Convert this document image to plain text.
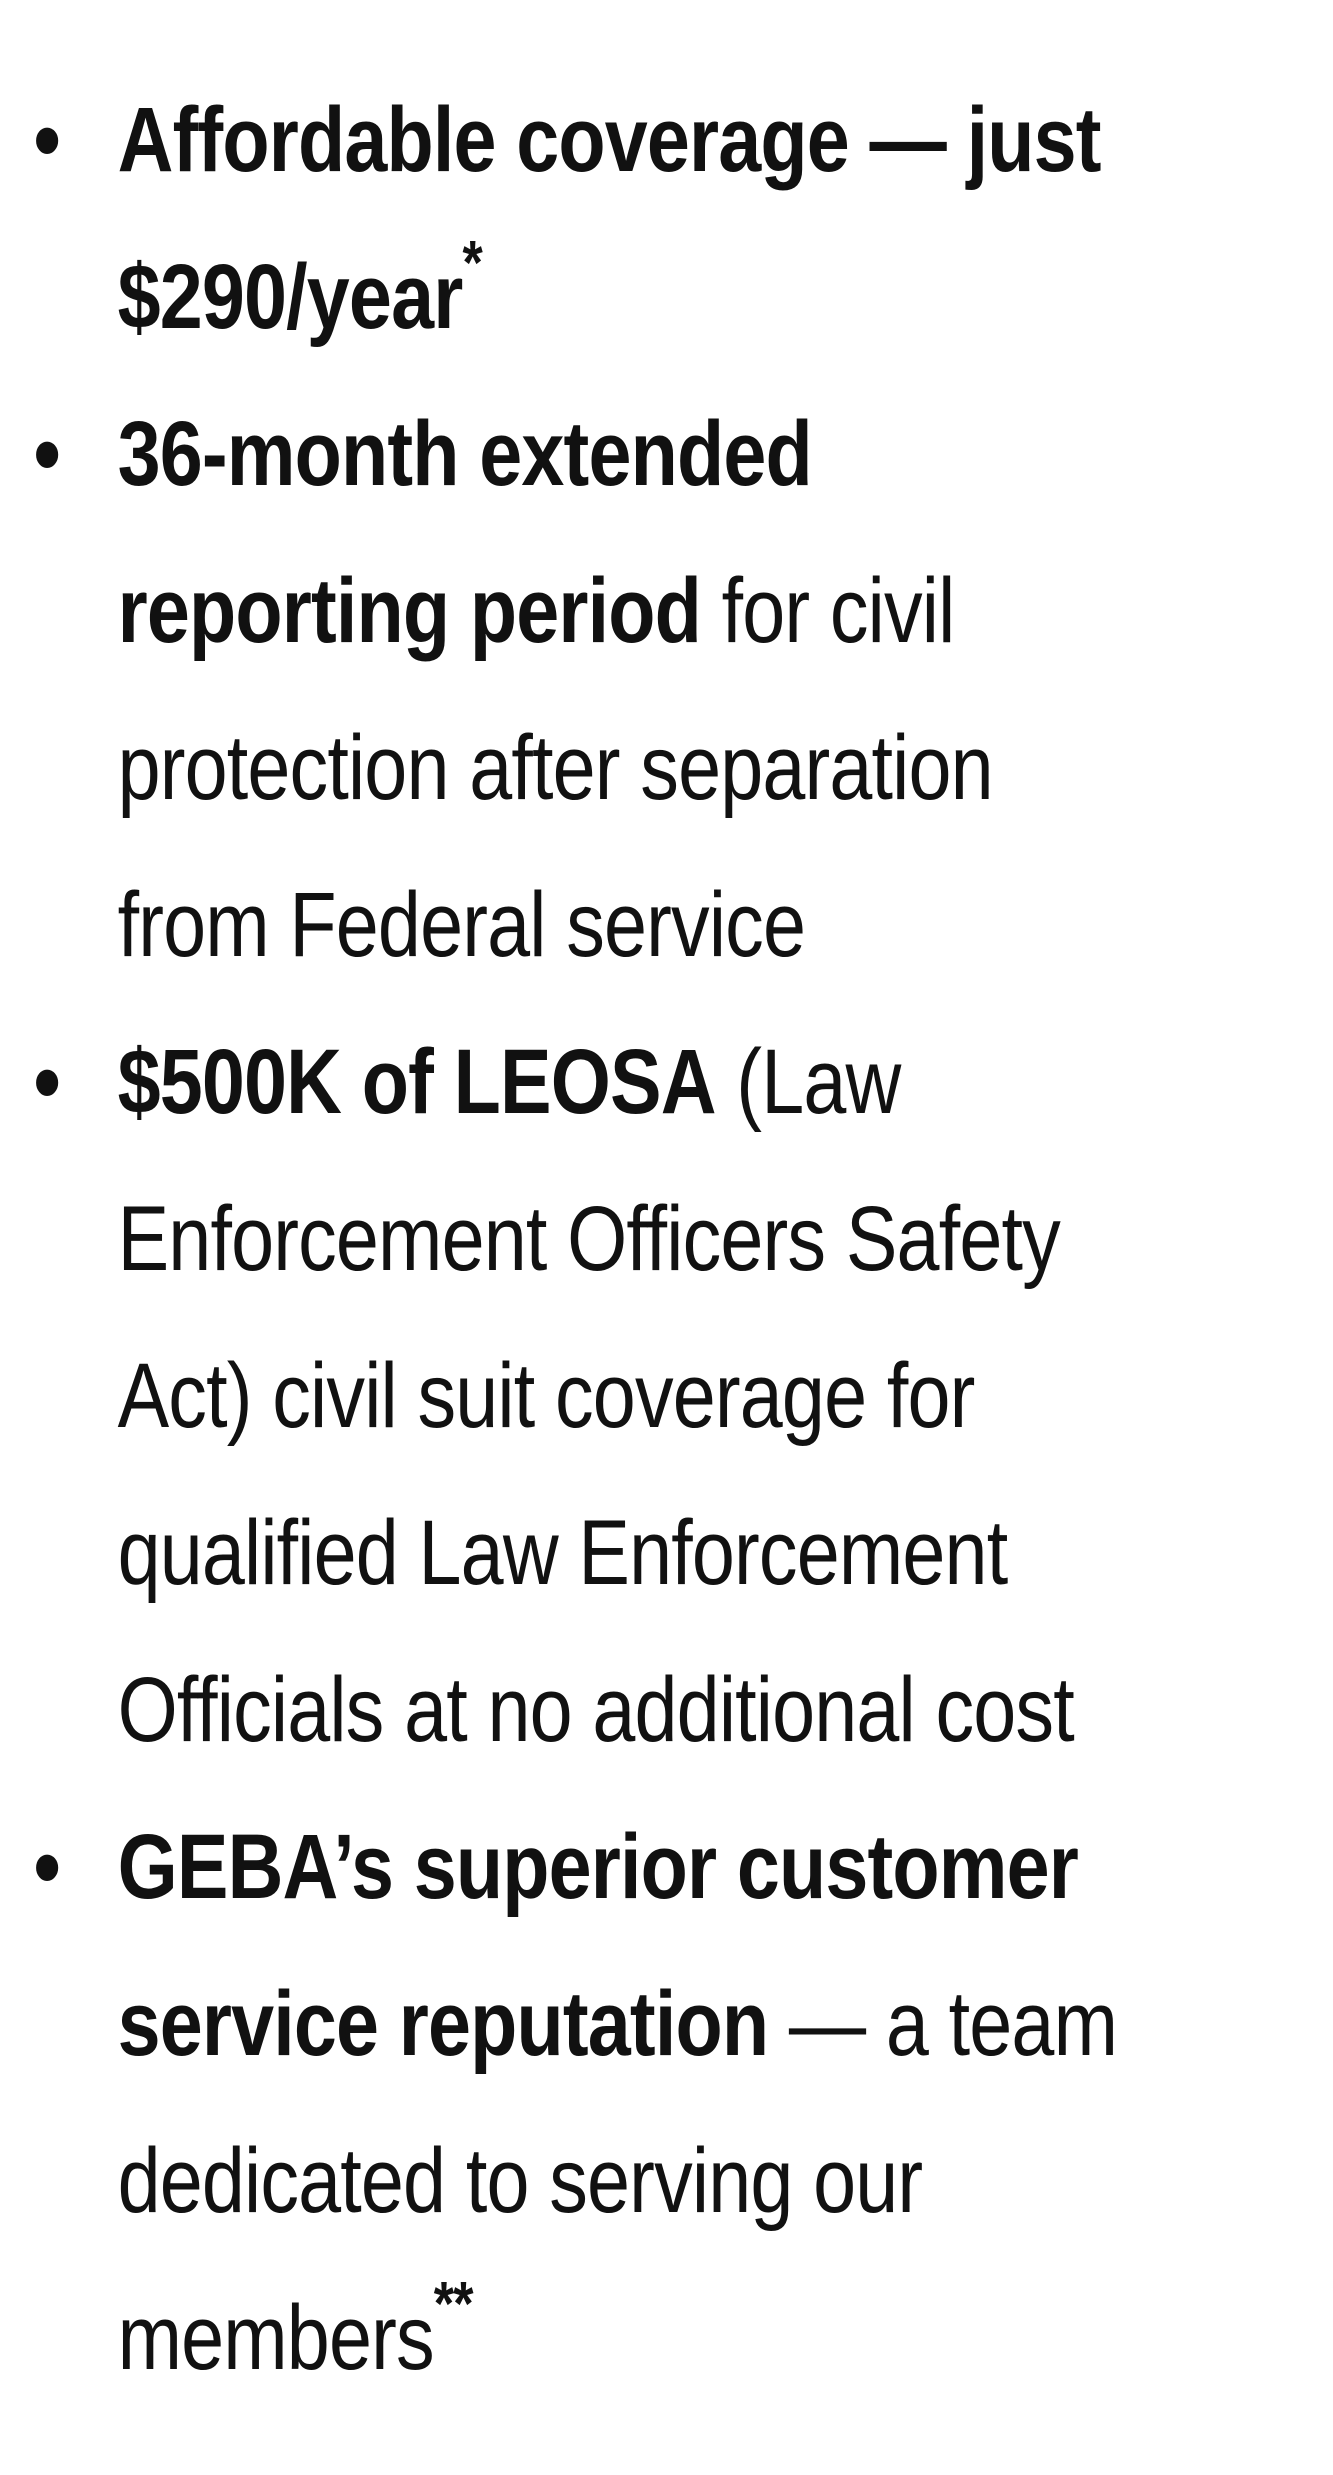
• Affordable coverage — just $290/year*
• 36-month extended reporting period for civil protection after separation from Federal service
• $500K of LEOSA (Law Enforcement Officers Safety Act) civil suit coverage for qualified Law Enforcement Officials at no additional cost
• GEBA’s superior customer service reputation — a team dedicated to serving our members**
